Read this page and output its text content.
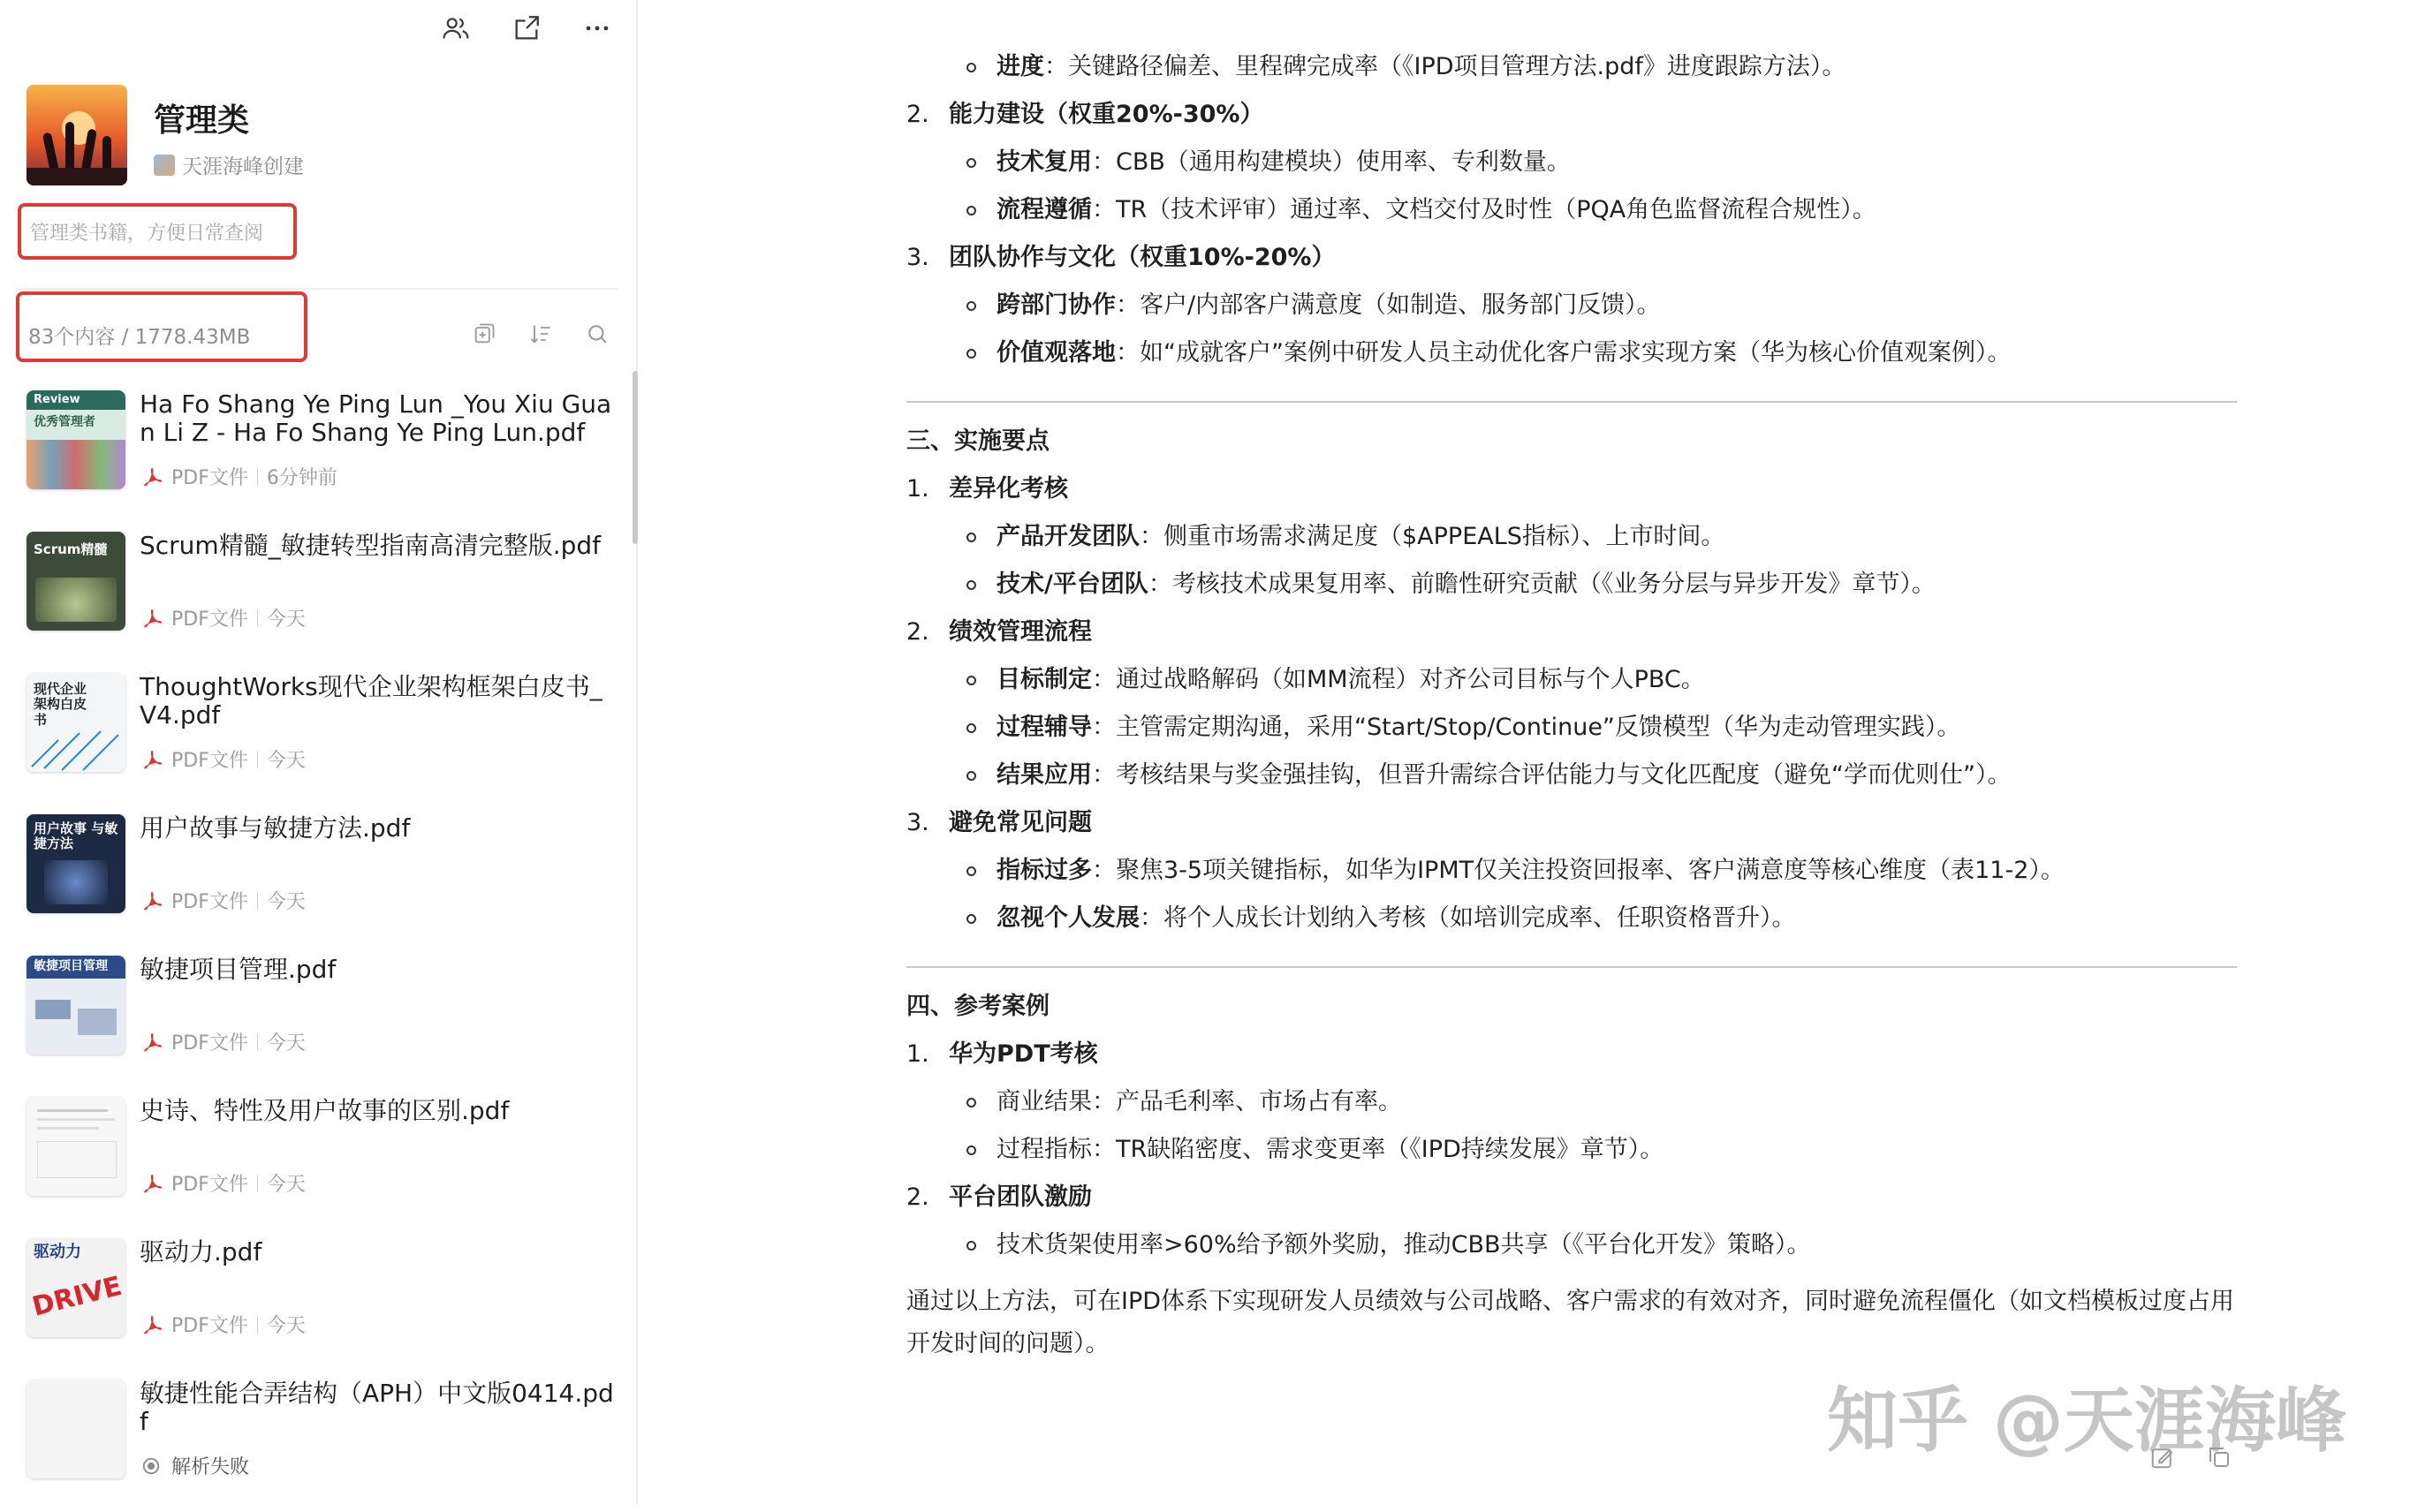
管理类
天涯海峰创建
管理类书籍，方便日常查阅
83个内容 / 1778.43MB
Review
优秀管理者
Ha Fo Shang Ye Ping Lun _You Xiu Guan Li Z - Ha Fo Shang Ye Ping Lun.pdf
PDF文件 6分钟前
Scrum精髓	Scrum精髓_敏捷转型指南高清完整版.pdf
PDF文件 今天
现代企业 架构白皮书
ThoughtWorks现代企业架构框架白皮书_V4.pdf
PDF文件 今天
用户故事 与敏捷方法
用户故事与敏捷方法.pdf
PDF文件 今天
敏捷项目管理	敏捷项目管理.pdf
PDF文件 今天
史诗、特性及用户故事的区别.pdf
PDF文件 今天
驱动力
DRIVE
驱动力.pdf
PDF文件 今天
敏捷性能合弄结构（APH）中文版0414.pdf
解析失败
进度：关键路径偏差、里程碑完成率（《IPD项目管理方法.pdf》进度跟踪方法）。
2. 能力建设（权重20%-30%）
技术复用：CBB（通用构建模块）使用率、专利数量。
流程遵循：TR（技术评审）通过率、文档交付及时性（PQA角色监督流程合规性）。
3. 团队协作与文化（权重10%-20%）
跨部门协作：客户/内部客户满意度（如制造、服务部门反馈）。
价值观落地：如“成就客户”案例中研发人员主动优化客户需求实现方案（华为核心价值观案例）。
三、实施要点
1. 差异化考核
产品开发团队：侧重市场需求满足度（$APPEALS指标）、上市时间。
技术/平台团队：考核技术成果复用率、前瞻性研究贡献（《业务分层与异步开发》章节）。
2. 绩效管理流程
目标制定：通过战略解码（如MM流程）对齐公司目标与个人PBC。
过程辅导：主管需定期沟通，采用“Start/Stop/Continue”反馈模型（华为走动管理实践）。
结果应用：考核结果与奖金强挂钩，但晋升需综合评估能力与文化匹配度（避免“学而优则仕”）。
3. 避免常见问题
指标过多：聚焦3-5项关键指标，如华为IPMT仅关注投资回报率、客户满意度等核心维度（表11-2）。
忽视个人发展：将个人成长计划纳入考核（如培训完成率、任职资格晋升）。
四、参考案例
1. 华为PDT考核
商业结果：产品毛利率、市场占有率。
过程指标：TR缺陷密度、需求变更率（《IPD持续发展》章节）。
2. 平台团队激励
技术货架使用率>60%给予额外奖励，推动CBB共享（《平台化开发》策略）。
通过以上方法，可在IPD体系下实现研发人员绩效与公司战略、客户需求的有效对齐，同时避免流程僵化（如文档模板过度占用开发时间的问题）。
知乎 @天涯海峰
